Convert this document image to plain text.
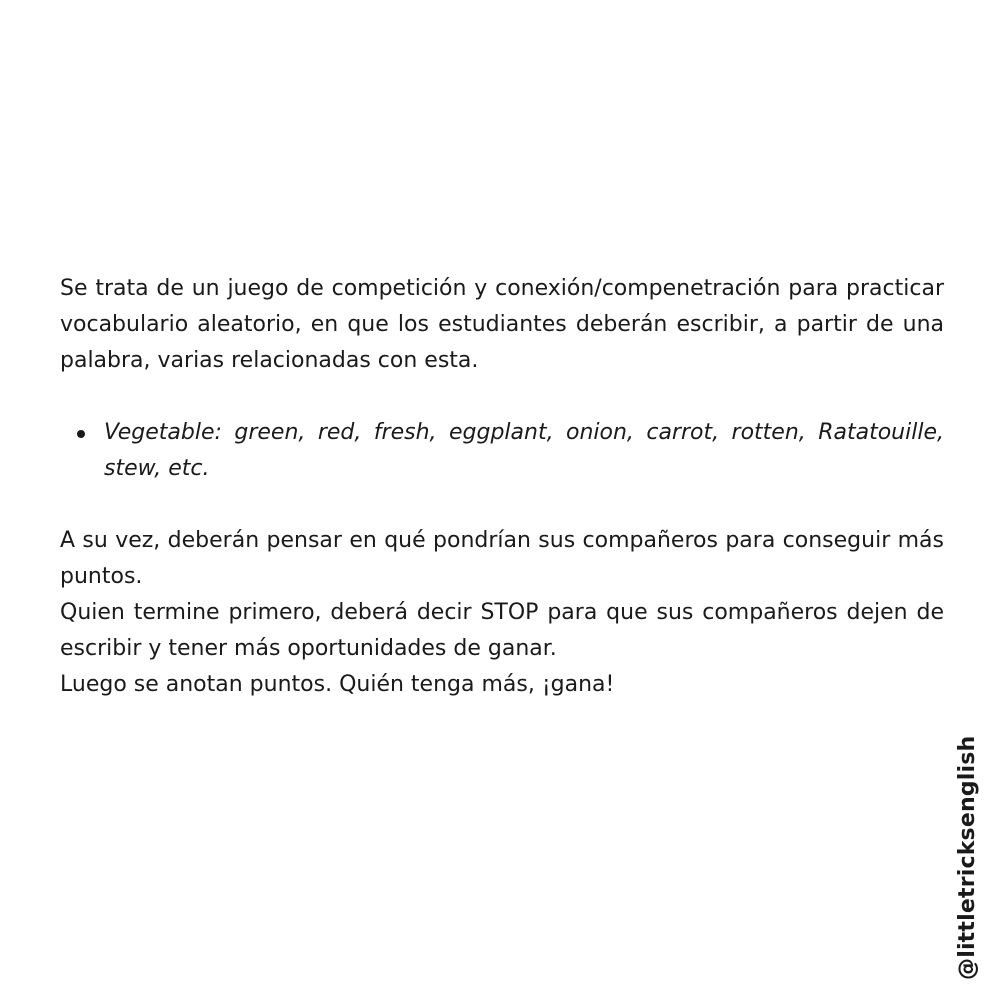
Se trata de un juego de competición y conexión/compenetración para practicar vocabulario aleatorio, en que los estudiantes deberán escribir, a partir de una palabra, varias relacionadas con esta.

Vegetable: green, red, fresh, eggplant, onion, carrot, rotten, Ratatouille, stew, etc.

A su vez, deberán pensar en qué pondrían sus compañeros para conseguir más puntos.

Quien termine primero, deberá decir STOP para que sus compañeros dejen de escribir y tener más oportunidades de ganar.

Luego se anotan puntos. Quién tenga más, ¡gana!

@littletricksenglish
